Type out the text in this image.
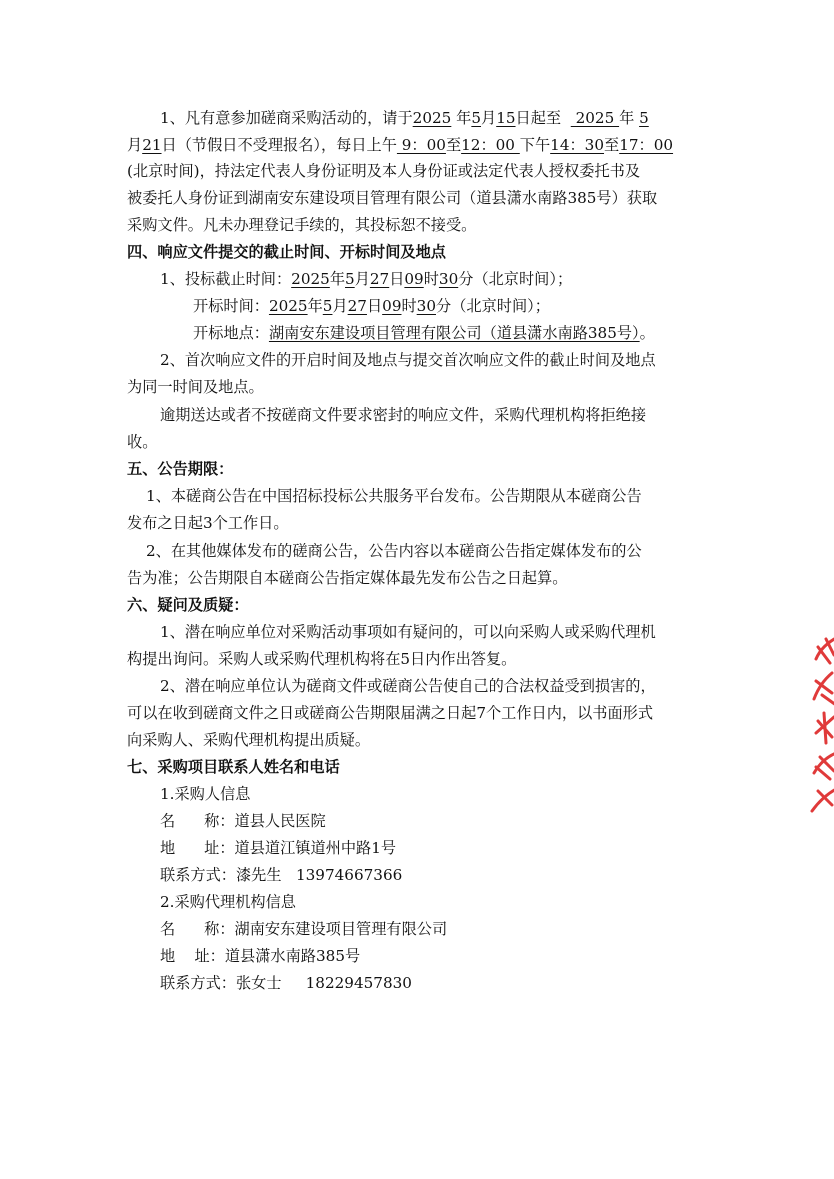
1、凡有意参加磋商采购活动的，请于2025 年5月15日起至   2025 年 5
月21日（节假日不受理报名），每日上午 9：00至12：00 下午14：30至17：00
(北京时间)，持法定代表人身份证明及本人身份证或法定代表人授权委托书及
被委托人身份证到湖南安东建设项目管理有限公司（道县潇水南路385号）获取
采购文件。凡未办理登记手续的，其投标恕不接受。
四、响应文件提交的截止时间、开标时间及地点
1、投标截止时间：2025年5月27日09时30分（北京时间）；
开标时间：2025年5月27日09时30分（北京时间）；
开标地点：湖南安东建设项目管理有限公司（道县潇水南路385号）。
2、首次响应文件的开启时间及地点与提交首次响应文件的截止时间及地点
为同一时间及地点。
逾期送达或者不按磋商文件要求密封的响应文件，采购代理机构将拒绝接
收。
五、公告期限：
1、本磋商公告在中国招标投标公共服务平台发布。公告期限从本磋商公告
发布之日起3个工作日。
2、在其他媒体发布的磋商公告，公告内容以本磋商公告指定媒体发布的公
告为准；公告期限自本磋商公告指定媒体最先发布公告之日起算。
六、疑问及质疑：
1、潜在响应单位对采购活动事项如有疑问的，可以向采购人或采购代理机
构提出询问。采购人或采购代理机构将在5日内作出答复。
2、潜在响应单位认为磋商文件或磋商公告使自己的合法权益受到损害的，
可以在收到磋商文件之日或磋商公告期限届满之日起7个工作日内，以书面形式
向采购人、采购代理机构提出质疑。
七、采购项目联系人姓名和电话
1.采购人信息
名      称：道县人民医院
地      址：道县道江镇道州中路1号
联系方式：漆先生   13974667366
2.采购代理机构信息
名      称：湖南安东建设项目管理有限公司
地    址：道县潇水南路385号
联系方式：张女士     18229457830
